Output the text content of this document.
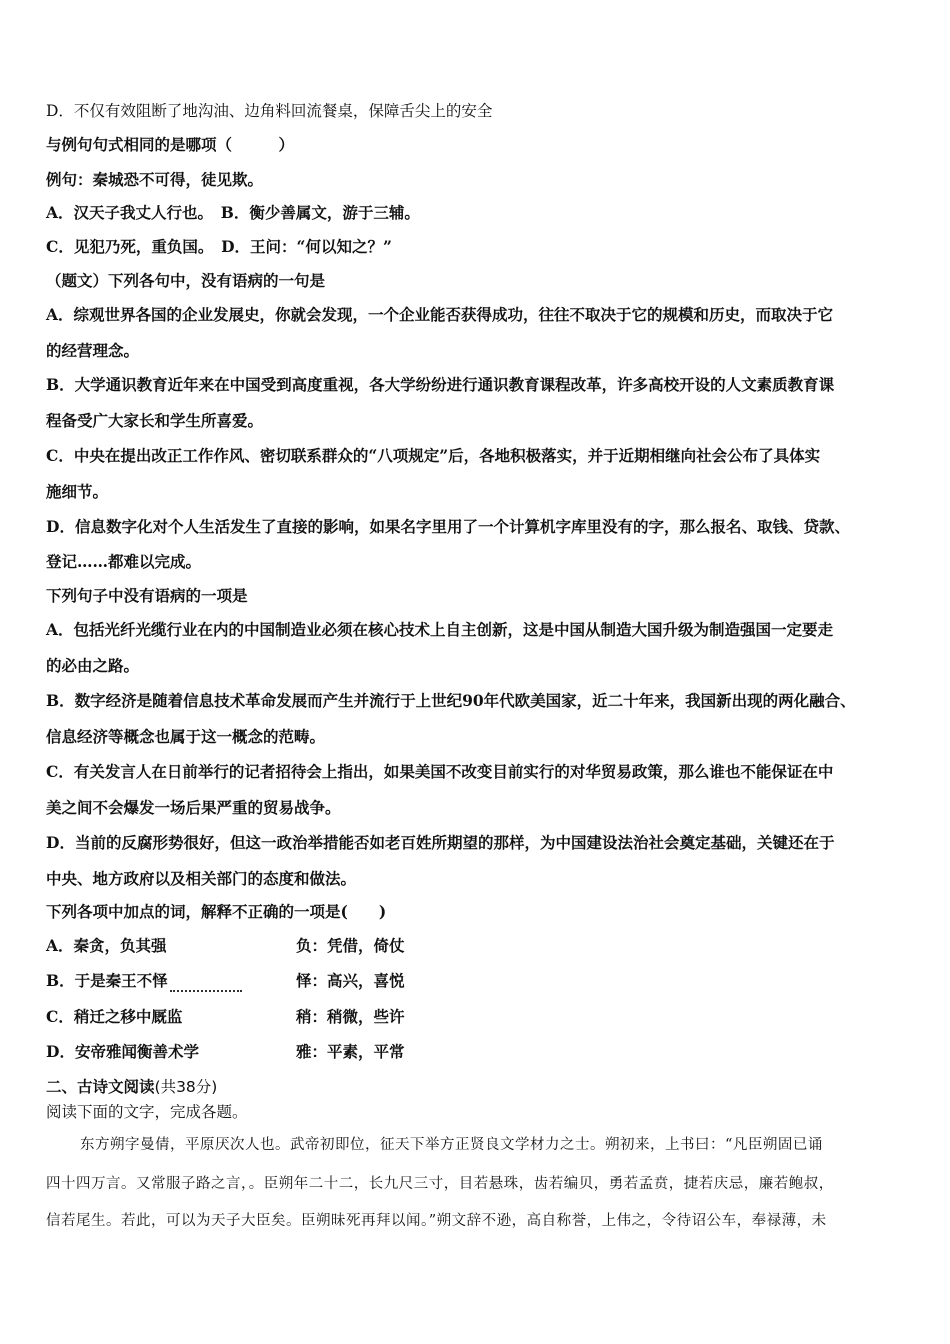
D．不仅有效阻断了地沟油、边角料回流餐桌，保障舌尖上的安全
与例句句式相同的是哪项（　　　）
例句：秦城恐不可得，徒见欺。
A．汉天子我丈人行也。　B．衡少善属文，游于三辅。
C．见犯乃死，重负国。　D．王问：“何以知之？”
（题文）下列各句中，没有语病的一句是
A．综观世界各国的企业发展史，你就会发现，一个企业能否获得成功，往往不取决于它的规模和历史，而取决于它
的经营理念。
B．大学通识教育近年来在中国受到高度重视，各大学纷纷进行通识教育课程改革，许多高校开设的人文素质教育课
程备受广大家长和学生所喜爱。
C．中央在提出改正工作作风、密切联系群众的“八项规定”后，各地积极落实，并于近期相继向社会公布了具体实
施细节。
D．信息数字化对个人生活发生了直接的影响，如果名字里用了一个计算机字库里没有的字，那么报名、取钱、贷款、
登记……都难以完成。
下列句子中没有语病的一项是
A．包括光纤光缆行业在内的中国制造业必须在核心技术上自主创新，这是中国从制造大国升级为制造强国一定要走
的必由之路。
B．数字经济是随着信息技术革命发展而产生并流行于上世纪90年代欧美国家，近二十年来，我国新出现的两化融合、
信息经济等概念也属于这一概念的范畴。
C．有关发言人在日前举行的记者招待会上指出，如果美国不改变目前实行的对华贸易政策，那么谁也不能保证在中
美之间不会爆发一场后果严重的贸易战争。
D．当前的反腐形势很好，但这一政治举措能否如老百姓所期望的那样，为中国建设法治社会奠定基础，关键还在于
中央、地方政府以及相关部门的态度和做法。
下列各项中加点的词，解释不正确的一项是(　　)
A．秦贪，负其强	负：凭借，倚仗
B．于是秦王不怿	怿：高兴，喜悦
C．稍迁之移中厩监	稍：稍微，些许
D．安帝雅闻衡善术学	雅：平素，平常
二、古诗文阅读(共38分)
阅读下面的文字，完成各题。
东方朔字曼倩，平原厌次人也。武帝初即位，征天下举方正贤良文学材力之士。朔初来，上书曰：“凡臣朔固已诵
四十四万言。又常服子路之言，。臣朔年二十二，长九尺三寸，目若悬珠，齿若编贝，勇若孟贲，捷若庆忌，廉若鲍叔，
信若尾生。若此，可以为天子大臣矣。臣朔昧死再拜以闻。”朔文辞不逊，高自称誉，上伟之，令待诏公车，奉禄薄，未
